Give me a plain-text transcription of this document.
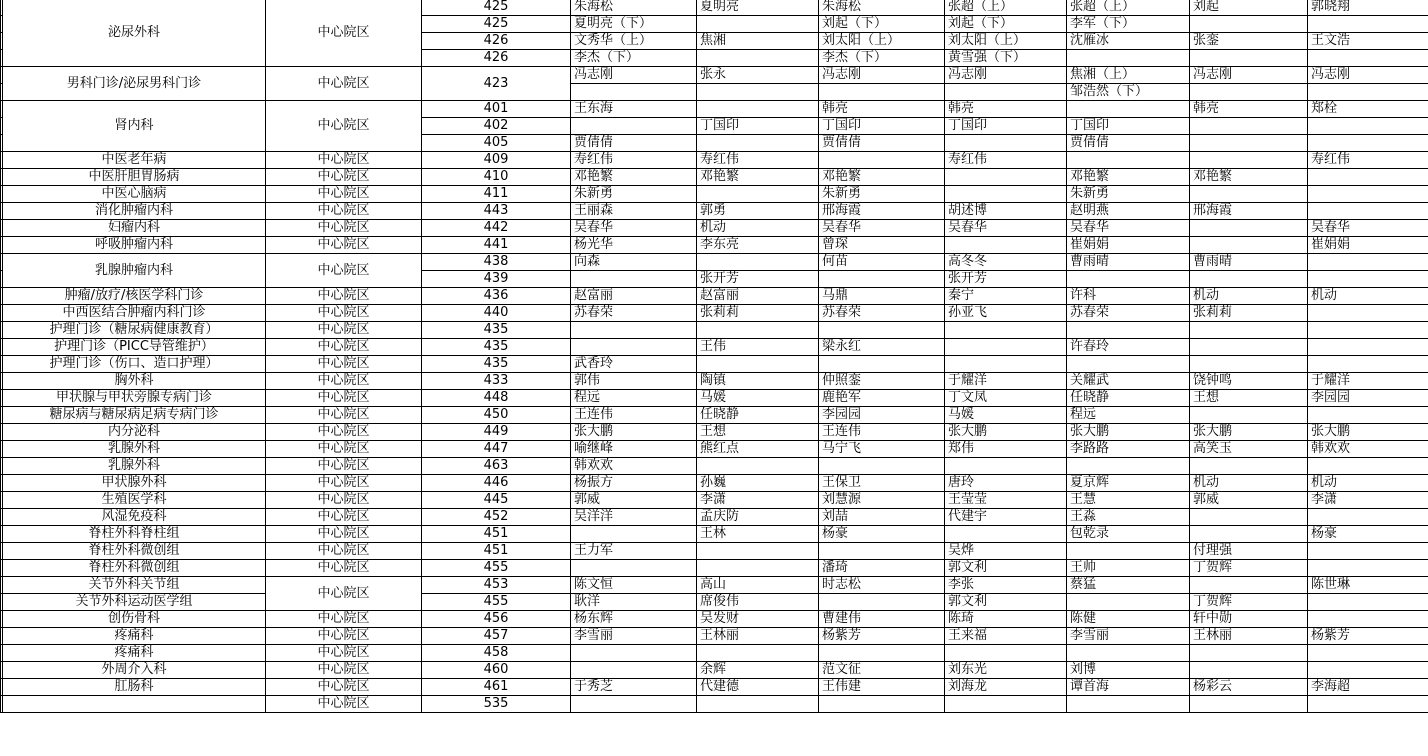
	泌尿外科	中心院区	425	朱海松	夏明亮	朱海松	张超（上）	张超（上）	刘起	郭晓翔
			425	夏明亮（下）		刘起（下）	刘起（下）	李军（下）		
			426	文秀华（上）	焦湘	刘太阳（上）	刘太阳（上）	沈雁冰	张銮	王文浩
			426	李杰（下）		李杰（下）	黄雪强（下）			
	男科门诊/泌尿男科门诊	中心院区	423	冯志刚	张永	冯志刚	冯志刚	焦湘（上）	冯志刚	冯志刚
								邹浩然（下）		
	肾内科	中心院区	401	王东海		韩亮	韩亮		韩亮	郑栓
			402		丁国印	丁国印	丁国印	丁国印		
			405	贾倩倩		贾倩倩		贾倩倩		
	中医老年病	中心院区	409	寿红伟	寿红伟		寿红伟			寿红伟
	中医肝胆胃肠病	中心院区	410	邓艳繁	邓艳繁	邓艳繁		邓艳繁	邓艳繁	
	中医心脑病	中心院区	411	朱新勇		朱新勇		朱新勇		
	消化肿瘤内科	中心院区	443	王丽森	郭勇	邢海霞	胡述博	赵明燕	邢海霞	
	妇瘤内科	中心院区	442	吴春华	机动	吴春华	吴春华	吴春华		吴春华
	呼吸肿瘤内科	中心院区	441	杨光华	李东亮	曾琛		崔娟娟		崔娟娟
	乳腺肿瘤内科	中心院区	438	向森		何苗	高冬冬	曹雨晴	曹雨晴	
			439		张开芳		张开芳			
	肿瘤/放疗/核医学科门诊	中心院区	436	赵富丽	赵富丽	马鼎	秦宁	许科	机动	机动
	中西医结合肿瘤内科门诊	中心院区	440	苏春荣	张莉莉	苏春荣	孙亚飞	苏春荣	张莉莉	
	护理门诊（糖尿病健康教育）	中心院区	435							
	护理门诊（PICC导管维护）	中心院区	435		王伟	梁永红		许春玲		
	护理门诊（伤口、造口护理）	中心院区	435	武香玲						
	胸外科	中心院区	433	郭伟	陶镇	仲照銮	于耀洋	关耀武	饶钟鸣	于耀洋
	甲状腺与甲状旁腺专病门诊	中心院区	448	程远	马媛	鹿艳军	丁文凤	任晓静	王想	李园园
	糖尿病与糖尿病足病专病门诊	中心院区	450	王连伟	任晓静	李园园	马媛	程远		
	内分泌科	中心院区	449	张大鹏	王想	王连伟	张大鹏	张大鹏	张大鹏	张大鹏
	乳腺外科	中心院区	447	喻继峰	熊红点	马宁飞	郑伟	李路路	高笑玉	韩欢欢
	乳腺外科	中心院区	463	韩欢欢						
	甲状腺外科	中心院区	446	杨振方	孙巍	王保卫	唐玲	夏京辉	机动	机动
	生殖医学科	中心院区	445	郭威	李潇	刘慧源	王莹莹	王慧	郭威	李潇
	风湿免疫科	中心院区	452	吴洋洋	孟庆防	刘喆	代建宇	王淼		
	脊柱外科脊柱组	中心院区	451		王林	杨豪		包乾录		杨豪
	脊柱外科微创组	中心院区	451	王力军			吴烨		付理强	
	脊柱外科微创组	中心院区	455			潘琦	郭文利	王帅	丁贺辉	
	关节外科关节组	中心院区	453	陈文恒	高山	时志松	李张	蔡猛		陈世琳
	关节外科运动医学组		455	耿洋	席俊伟		郭文利		丁贺辉	
	创伤骨科	中心院区	456	杨东辉	吴发财	曹建伟	陈琦	陈健	轩中勋	
	疼痛科	中心院区	457	李雪丽	王林丽	杨紫芳	王来福	李雪丽	王林丽	杨紫芳
	疼痛科	中心院区	458							
	外周介入科	中心院区	460		余辉	范文征	刘东光	刘博		
	肛肠科	中心院区	461	于秀芝	代建德	王伟建	刘海龙	谭首海	杨彩云	李海超
		中心院区	535							
